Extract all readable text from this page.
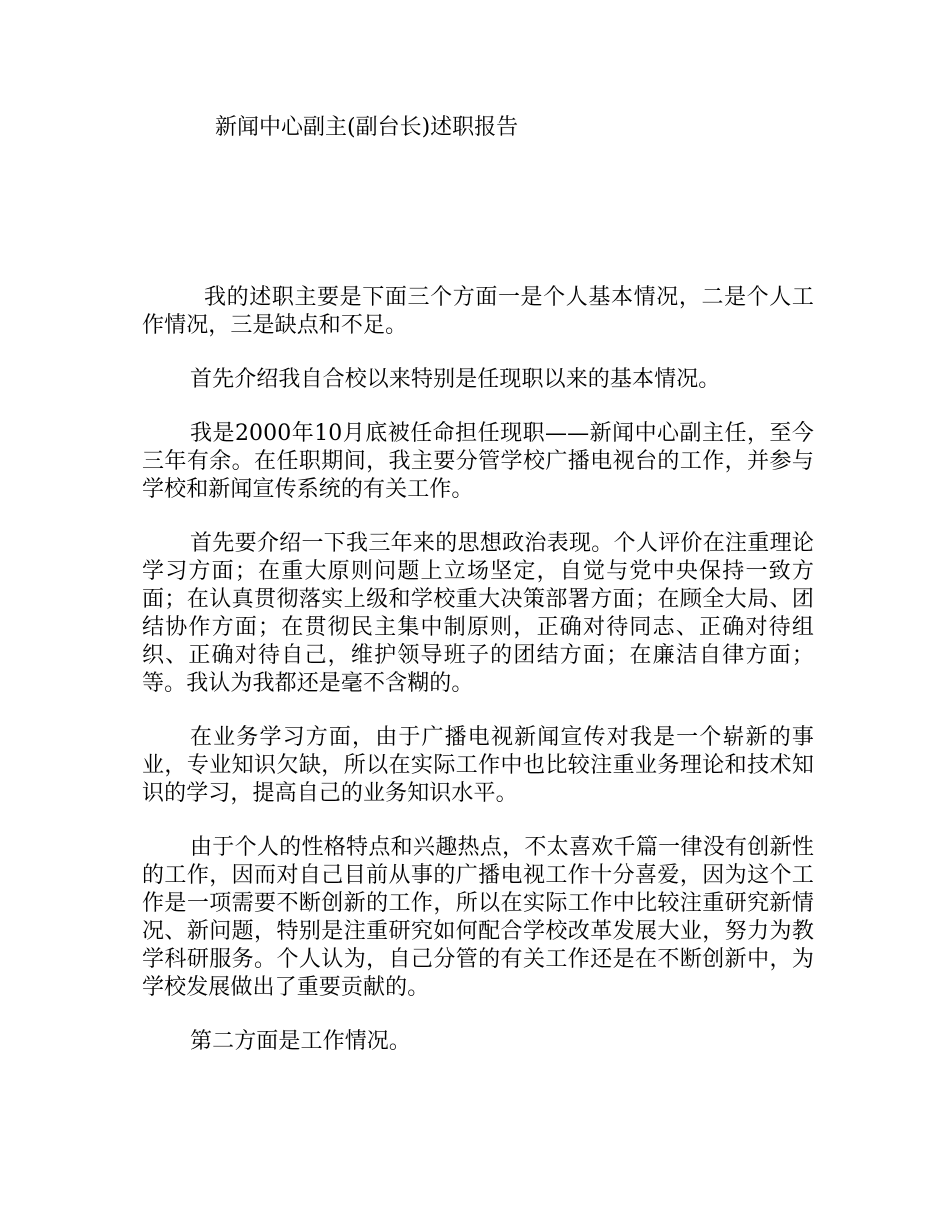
新闻中心副主(副台长)述职报告

我的述职主要是下面三个方面一是个人基本情况，二是个人工作情况，三是缺点和不足。

首先介绍我自合校以来特别是任现职以来的基本情况。

我是2000年10月底被任命担任现职——新闻中心副主任，至今三年有余。在任职期间，我主要分管学校广播电视台的工作，并参与学校和新闻宣传系统的有关工作。

首先要介绍一下我三年来的思想政治表现。个人评价在注重理论学习方面；在重大原则问题上立场坚定，自觉与党中央保持一致方面；在认真贯彻落实上级和学校重大决策部署方面；在顾全大局、团结协作方面；在贯彻民主集中制原则，正确对待同志、正确对待组织、正确对待自己，维护领导班子的团结方面；在廉洁自律方面；等。我认为我都还是毫不含糊的。

在业务学习方面，由于广播电视新闻宣传对我是一个崭新的事业，专业知识欠缺，所以在实际工作中也比较注重业务理论和技术知识的学习，提高自己的业务知识水平。

由于个人的性格特点和兴趣热点，不太喜欢千篇一律没有创新性的工作，因而对自己目前从事的广播电视工作十分喜爱，因为这个工作是一项需要不断创新的工作，所以在实际工作中比较注重研究新情况、新问题，特别是注重研究如何配合学校改革发展大业，努力为教学科研服务。个人认为，自己分管的有关工作还是在不断创新中，为学校发展做出了重要贡献的。

第二方面是工作情况。
